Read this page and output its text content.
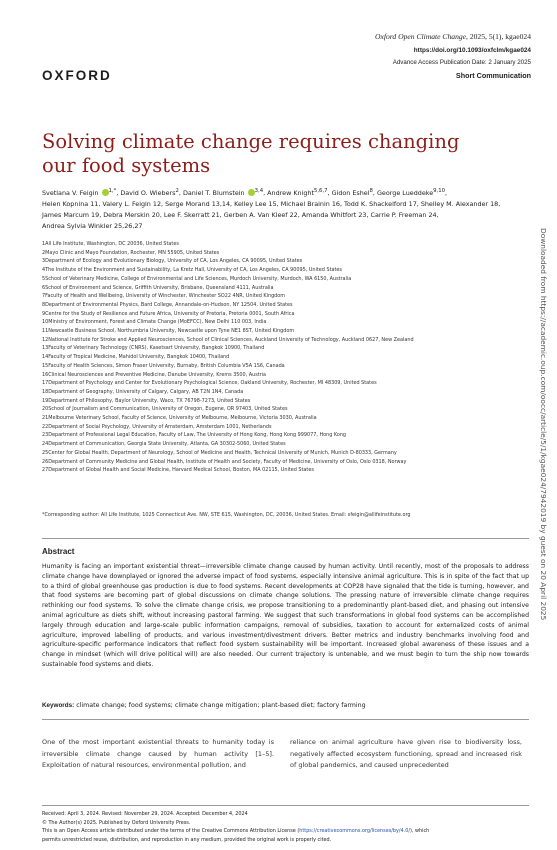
Oxford Open Climate Change, 2025, 5(1), kgae024
https://doi.org/10.1093/oxfclm/kgae024
Advance Access Publication Date: 2 January 2025
Short Communication
OXFORD
Solving climate change requires changing our food systems
Svetlana V. Feigin $^{1,*}$, David O. Wiebers$^2$, Daniel T. Blumstein $^{3,4}$, Andrew Knight$^{5,6,7}$, Gidon Eshel$^8$, George Lueddeke$^{9,10}$,
Helen Kopnina 11, Valery L. Feigin 12, Serge Morand 13,14, Kelley Lee 15, Michael Brainin 16, Todd K. Shackelford 17, Shelley M. Alexander 18,
James Marcum 19, Debra Merskin 20, Lee F. Skerratt 21, Gerben A. Van Kleef 22, Amanda Whitfort 23, Carrie P. Freeman 24,
Andrea Sylvia Winkler 25,26,27
1All Life Institute, Washington, DC 20036, United States
2Mayo Clinic and Mayo Foundation, Rochester, MN 55905, United States
3Department of Ecology and Evolutionary Biology, University of CA, Los Angeles, CA 90095, United States
4The Institute of the Environment and Sustainability, La Kretz Hall, University of CA, Los Angeles, CA 90095, United States
5School of Veterinary Medicine, College of Environmental and Life Sciences, Murdoch University, Murdoch, WA 6150, Australia
6School of Environment and Science, Griffith University, Brisbane, Queensland 4111, Australia
7Faculty of Health and Wellbeing, University of Winchester, Winchester SO22 4NR, United Kingdom
8Department of Environmental Physics, Bard College, Annandale-on-Hudson, NY 12504, United States
9Centre for the Study of Resilience and Future Africa, University of Pretoria, Pretoria 0001, South Africa
10Ministry of Environment, Forest and Climate Change (MoEFCC), New Delhi 110 003, India
11Newcastle Business School, Northumbria University, Newcastle upon Tyne NE1 8ST, United Kingdom
12National Institute for Stroke and Applied Neurosciences, School of Clinical Sciences, Auckland University of Technology, Auckland 0627, New Zealand
13Faculty of Veterinary Technology (CNRS), Kasetsart University, Bangkok 10900, Thailand
14Faculty of Tropical Medicine, Mahidol University, Bangkok 10400, Thailand
15Faculty of Health Sciences, Simon Fraser University, Burnaby, British Columbia V5A 1S6, Canada
16Clinical Neurosciences and Preventive Medicine, Danube University, Krems 3500, Austria
17Department of Psychology and Center for Evolutionary Psychological Science, Oakland University, Rochester, MI 48309, United States
18Department of Geography, University of Calgary, Calgary, AB T2N 1N4, Canada
19Department of Philosophy, Baylor University, Waco, TX 76798-7273, United States
20School of Journalism and Communication, University of Oregon, Eugene, OR 97403, United States
21Melbourne Veterinary School, Faculty of Science, University of Melbourne, Melbourne, Victoria 3030, Australia
22Department of Social Psychology, University of Amsterdam, Amsterdam 1001, Netherlands
23Department of Professional Legal Education, Faculty of Law, The University of Hong Kong, Hong Kong 999077, Hong Kong
24Department of Communication, Georgia State University, Atlanta, GA 30302-5060, United States
25Center for Global Health, Department of Neurology, School of Medicine and Health, Technical University of Munich, Munich D-80333, Germany
26Department of Community Medicine and Global Health, Institute of Health and Society, Faculty of Medicine, University of Oslo, Oslo 0318, Norway
27Department of Global Health and Social Medicine, Harvard Medical School, Boston, MA 02115, United States
*Corresponding author: All Life Institute, 1025 Connecticut Ave. NW, STE 615, Washington, DC, 20036, United States. Email: sfeigin@allifeinstitute.org
Abstract

Humanity is facing an important existential threat—irreversible climate change caused by human activity. Until recently, most of the proposals to address climate change have downplayed or ignored the adverse impact of food systems, especially intensive animal agriculture. This is in spite of the fact that up to a third of global greenhouse gas production is due to food systems. Recent developments at COP28 have signaled that the tide is turning, however, and that food systems are becoming part of global discussions on climate change solutions. The pressing nature of irreversible climate change requires rethinking our food systems. To solve the climate change crisis, we propose transitioning to a predominantly plant-based diet, and phasing out intensive animal agriculture as diets shift, without increasing pastoral farming. We suggest that such transformations in global food systems can be accomplished largely through education and large-scale public information campaigns, removal of subsidies, taxation to account for externalized costs of animal agriculture, improved labelling of products, and various investment/divestment drivers. Better metrics and industry benchmarks involving food and agriculture-specific performance indicators that reflect food system sustainability will be important. Increased global awareness of these issues and a change in mindset (which will drive political will) are also needed. Our current trajectory is untenable, and we must begin to turn the ship now towards sustainable food systems and diets.

Keywords: climate change; food systems; climate change mitigation; plant-based diet; factory farming

One of the most important existential threats to humanity today is irreversible climate change caused by human activity [1–5]. Exploitation of natural resources, environmental pollution, and

reliance on animal agriculture have given rise to biodiversity loss, negatively affected ecosystem functioning, spread and increased risk of global pandemics, and caused unprecedented

Received: April 3, 2024. Revised: November 29, 2024. Accepted: December 4, 2024
© The Author(s) 2025. Published by Oxford University Press.
This is an Open Access article distributed under the terms of the Creative Commons Attribution License (https://creativecommons.org/licenses/by/4.0/), which
permits unrestricted reuse, distribution, and reproduction in any medium, provided the original work is properly cited.
Downloaded from https://academic.oup.com/oocc/article/5/1/kgae024/7942019 by guest on 20 April 2025
